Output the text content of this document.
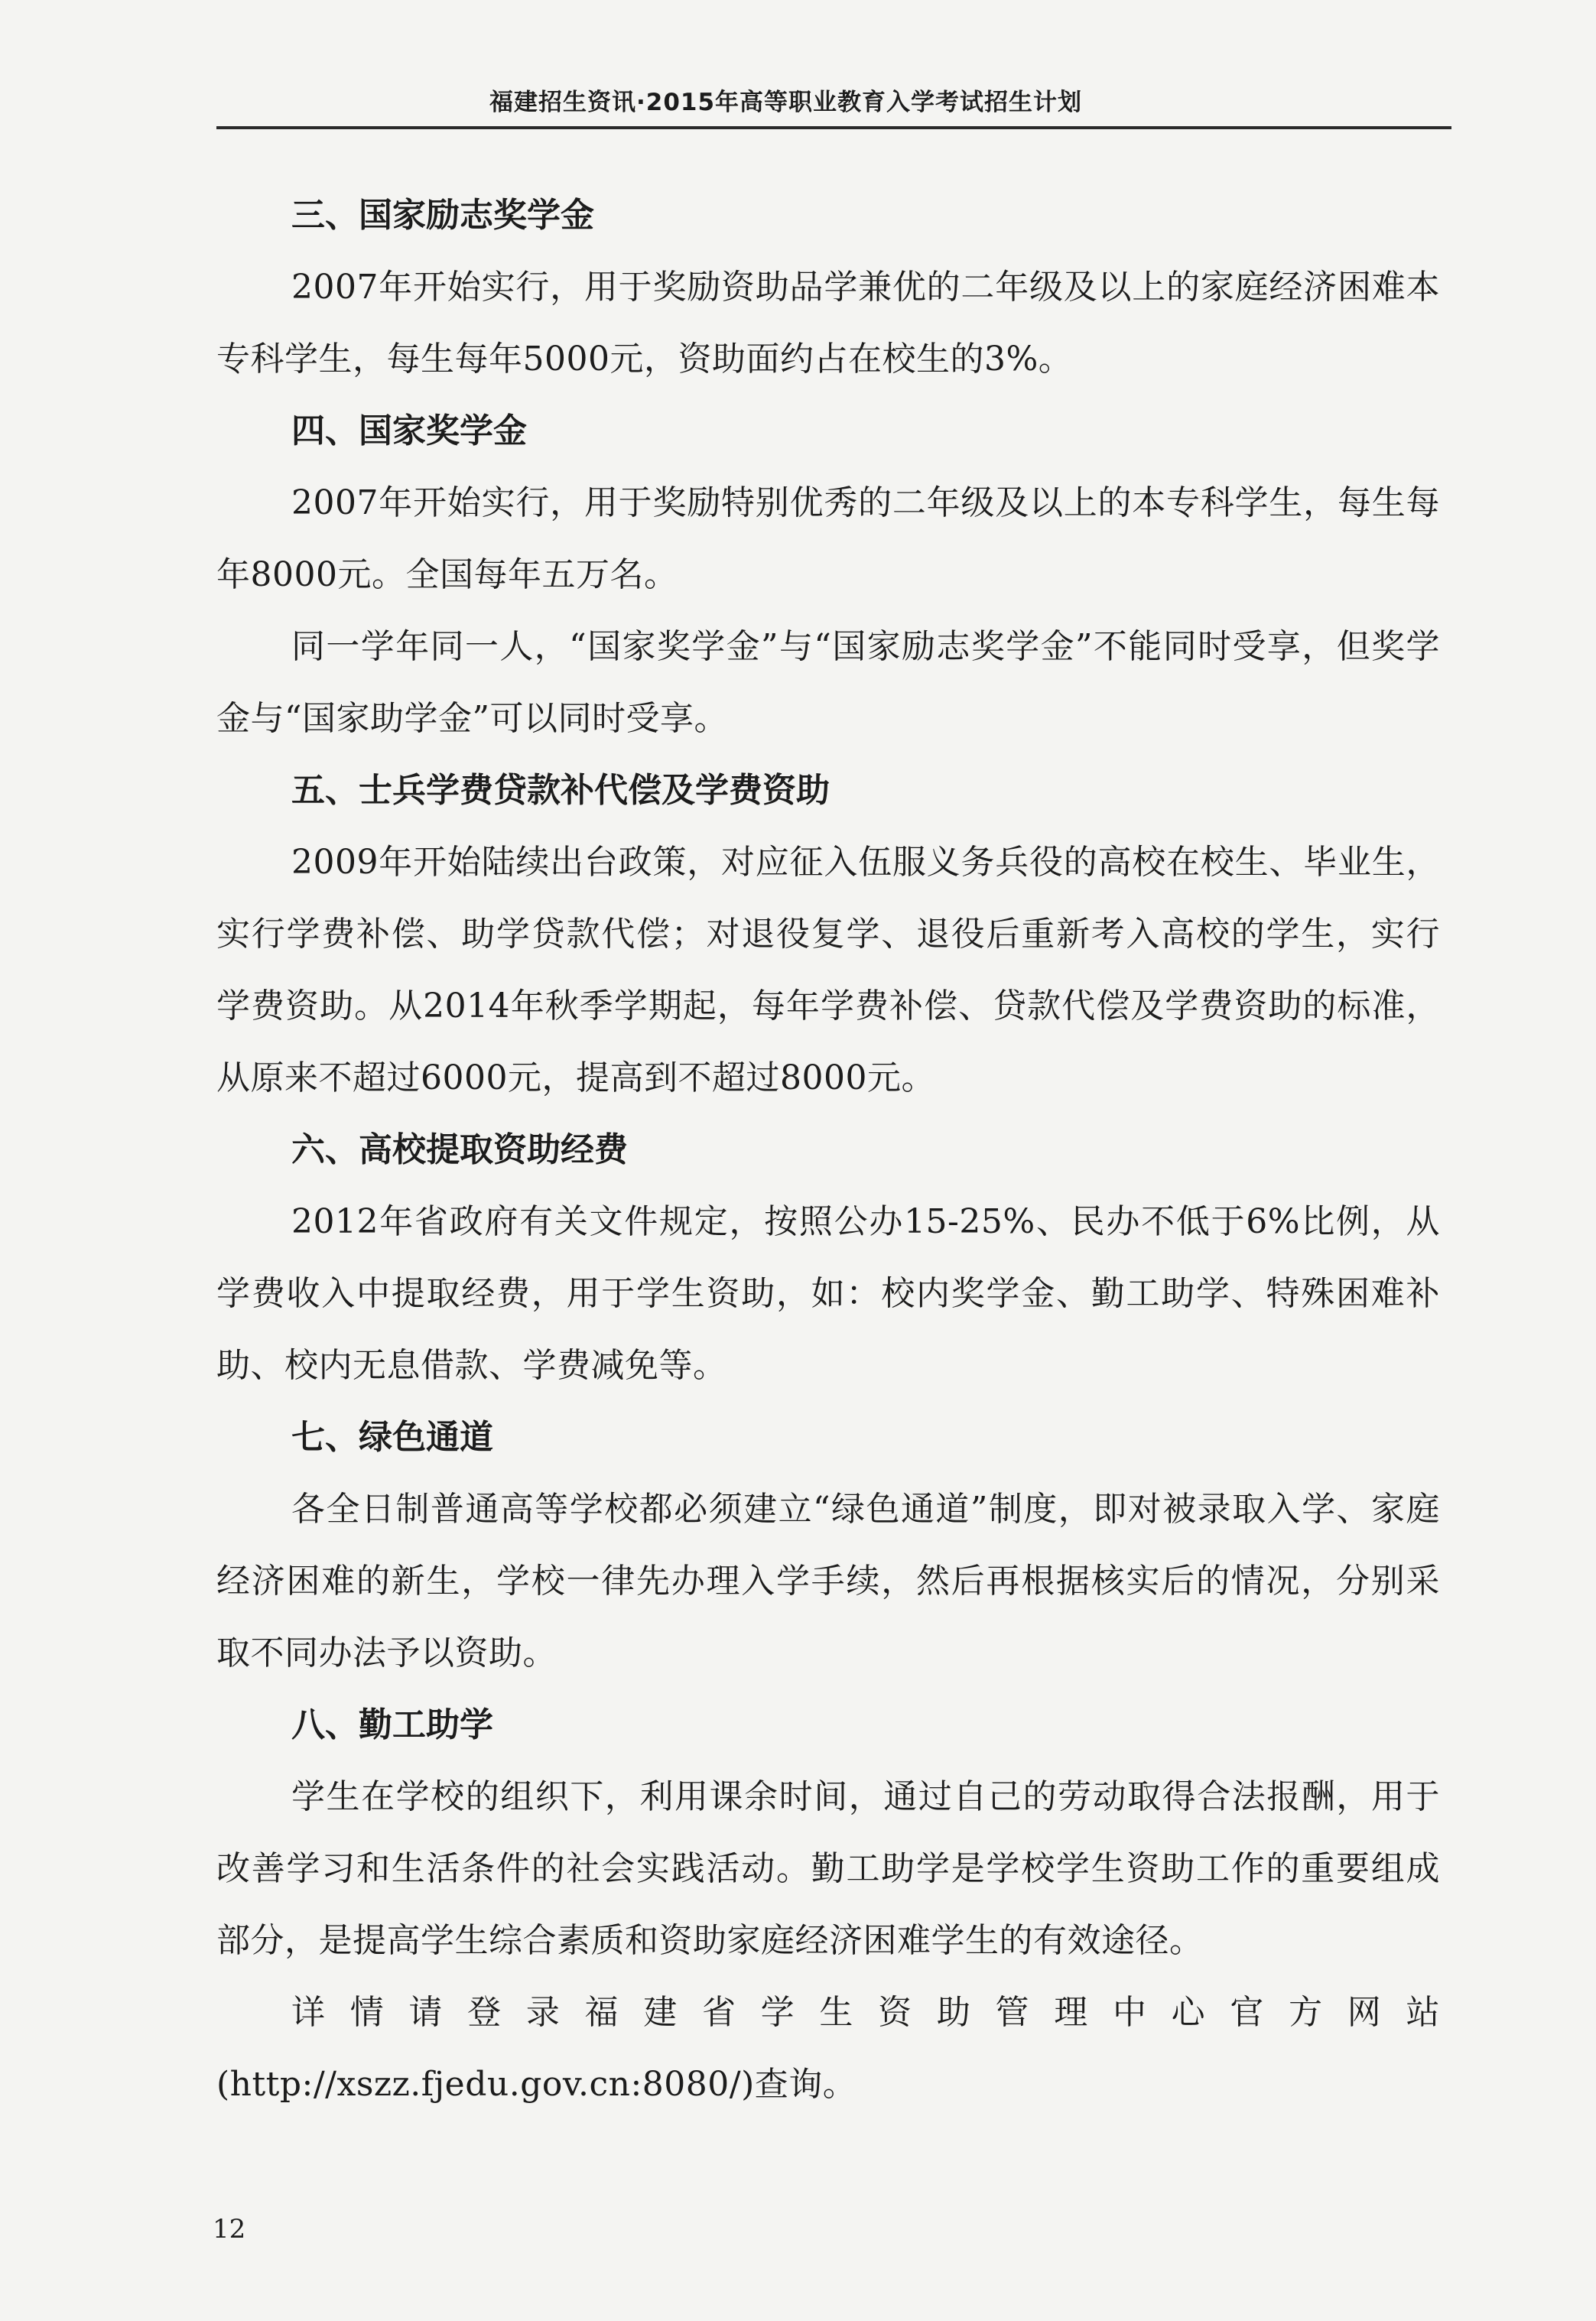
福建招生资讯·2015年高等职业教育入学考试招生计划
三、国家励志奖学金

2007年开始实行，用于奖励资助品学兼优的二年级及以上的家庭经济困难本专科学生，每生每年5000元，资助面约占在校生的3%。

四、国家奖学金

2007年开始实行，用于奖励特别优秀的二年级及以上的本专科学生，每生每年8000元。全国每年五万名。

同一学年同一人，“国家奖学金”与“国家励志奖学金”不能同时受享，但奖学金与“国家助学金”可以同时受享。

五、士兵学费贷款补代偿及学费资助

2009年开始陆续出台政策，对应征入伍服义务兵役的高校在校生、毕业生，实行学费补偿、助学贷款代偿；对退役复学、退役后重新考入高校的学生，实行学费资助。从2014年秋季学期起，每年学费补偿、贷款代偿及学费资助的标准，从原来不超过6000元，提高到不超过8000元。

六、高校提取资助经费

2012年省政府有关文件规定，按照公办15-25%、民办不低于6%比例，从学费收入中提取经费，用于学生资助，如：校内奖学金、勤工助学、特殊困难补助、校内无息借款、学费减免等。

七、绿色通道

各全日制普通高等学校都必须建立“绿色通道”制度，即对被录取入学、家庭经济困难的新生，学校一律先办理入学手续，然后再根据核实后的情况，分别采取不同办法予以资助。

八、勤工助学

学生在学校的组织下，利用课余时间，通过自己的劳动取得合法报酬，用于改善学习和生活条件的社会实践活动。勤工助学是学校学生资助工作的重要组成部分，是提高学生综合素质和资助家庭经济困难学生的有效途径。

详情请登录福建省学生资助管理中心官方网站(http://xszz.fjedu.gov.cn:8080/)查询。

12
